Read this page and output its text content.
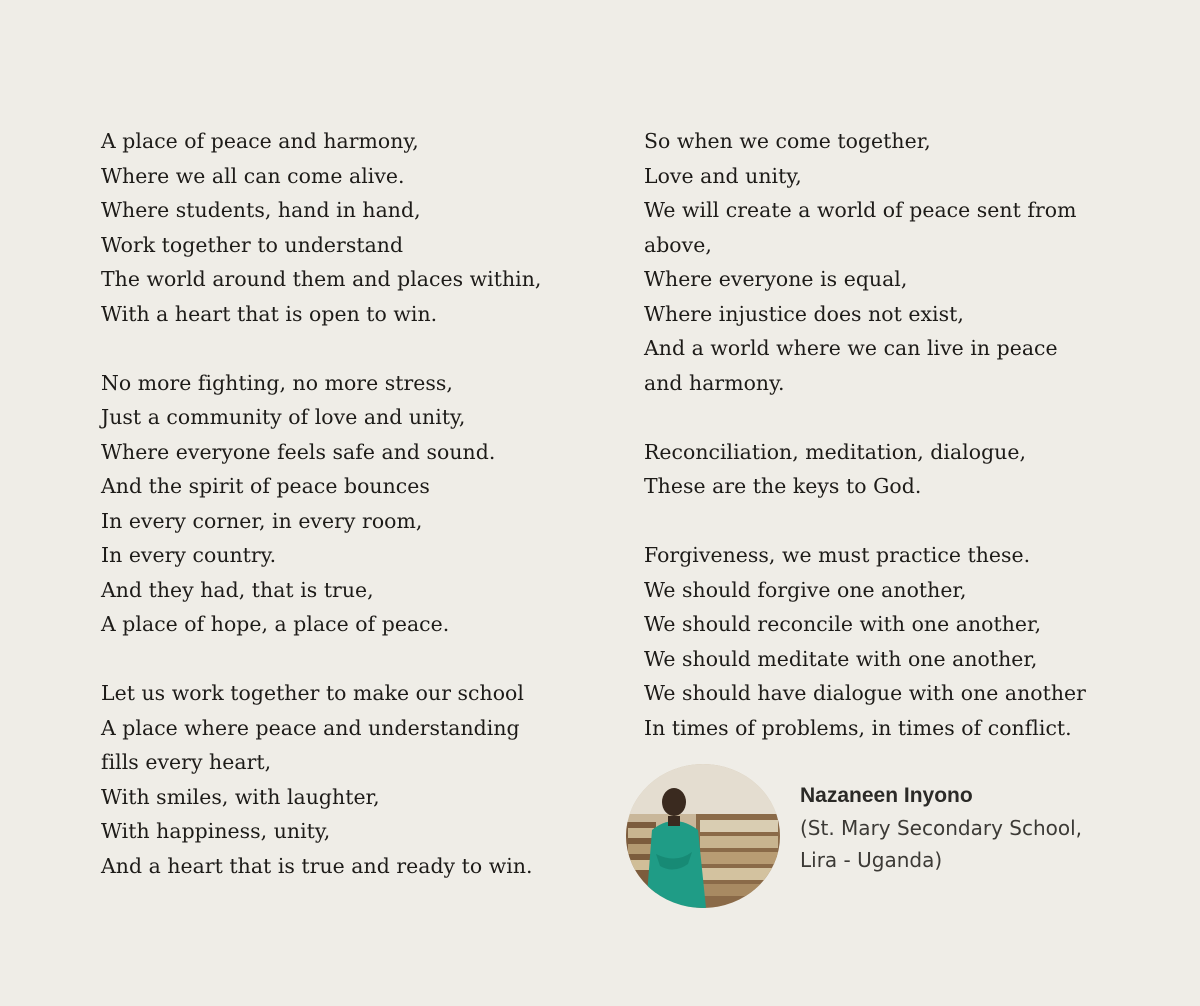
A place of peace and harmony,
Where we all can come alive.
Where students, hand in hand,
Work together to understand
The world around them and places within,
With a heart that is open to win.
No more fighting, no more stress,
Just a community of love and unity,
Where everyone feels safe and sound.
And the spirit of peace bounces
In every corner, in every room,
In every country.
And they had, that is true,
A place of hope, a place of peace.
Let us work together to make our school
A place where peace and understanding
fills every heart,
With smiles, with laughter,
With happiness, unity,
And a heart that is true and ready to win.
So when we come together,
Love and unity,
We will create a world of peace sent from
above,
Where everyone is equal,
Where injustice does not exist,
And a world where we can live in peace
and harmony.
Reconciliation, meditation, dialogue,
These are the keys to God.
Forgiveness, we must practice these.
We should forgive one another,
We should reconcile with one another,
We should meditate with one another,
We should have dialogue with one another
In times of problems, in times of conflict.
Nazaneen Inyono
(St. Mary Secondary School,
Lira - Uganda)
